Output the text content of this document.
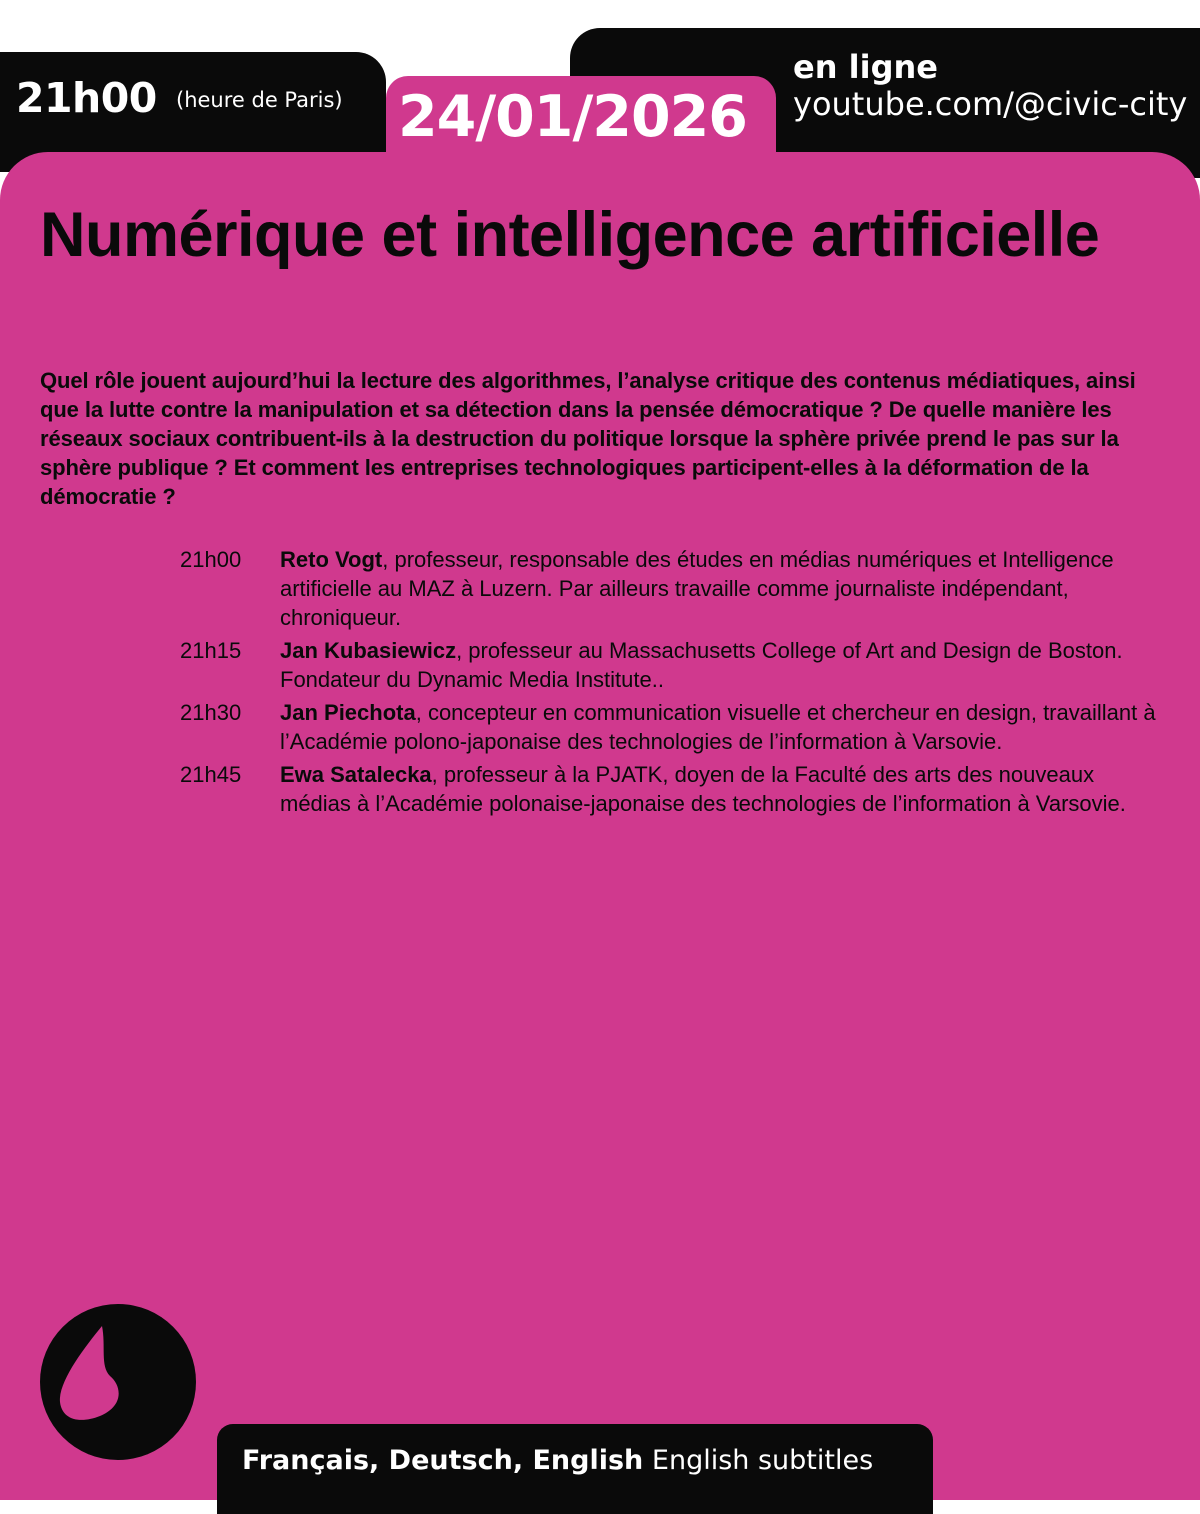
21h00 (heure de Paris) 24/01/2026
en ligne
youtube.com/@civic-city
Numérique et intelligence artificielle

Quel rôle jouent aujourd’hui la lecture des algorithmes, l’analyse critique des contenus médiatiques, ainsi que la lutte contre la manipulation et sa détection dans la pensée démocratique ? De quelle manière les réseaux sociaux contribuent-ils à la destruction du politique lorsque la sphère privée prend le pas sur la sphère publique ? Et comment les entreprises technologiques participent-elles à la déformation de la démocratie ?

21h00 Reto Vogt, professeur, responsable des études en médias numériques et Intelligence artificielle au MAZ à Luzern. Par ailleurs travaille comme journaliste indépendant, chroniqueur.
21h15 Jan Kubasiewicz, professeur au Massachusetts College of Art and Design de Boston. Fondateur du Dynamic Media Institute..
21h30 Jan Piechota, concepteur en communication visuelle et chercheur en design, travaillant à l’Académie polono-japonaise des technologies de l’information à Varsovie.
21h45 Ewa Satalecka, professeur à la PJATK, doyen de la Faculté des arts des nouveaux médias à l’Académie polonaise-japonaise des technologies de l’information à Varsovie.
Français, Deutsch, English English subtitles
